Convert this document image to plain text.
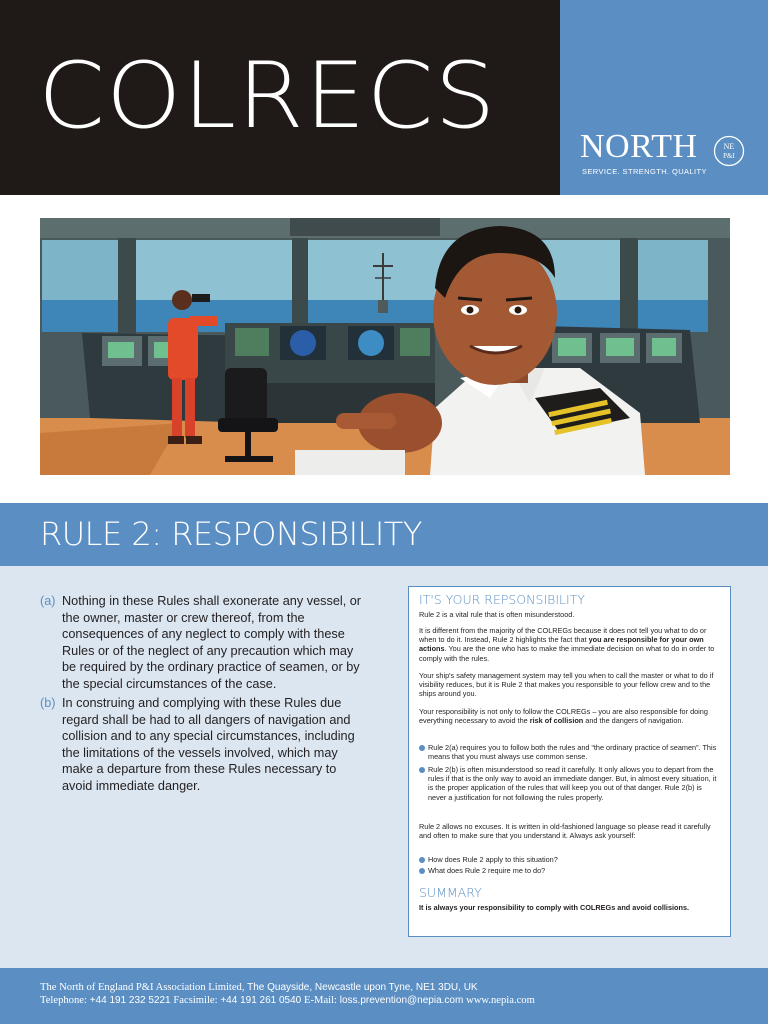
COLRECS NORTH
SERVICE. STRENGTH. QUALITY
NE
P&I
RULE 2: RESPONSIBILITY
(a) Nothing in these Rules shall exonerate any vessel, or the owner, master or crew thereof, from the consequences of any neglect to comply with these Rules or of the neglect of any precaution which may be required by the ordinary practice of seamen, or by the special circumstances of the case.
(b) In construing and complying with these Rules due regard shall be had to all dangers of navigation and collision and to any special circumstances, including the limitations of the vessels involved, which may make a departure from these Rules necessary to avoid immediate danger.
IT'S YOUR REPSONSIBILITY
Rule 2 is a vital rule that is often misunderstood.
It is different from the majority of the COLREGs because it does not tell you what to do or when to do it. Instead, Rule 2 highlights the fact that you are responsible for your own actions. You are the one who has to make the immediate decision on what to do in order to comply with the rules.
Your ship's safety management system may tell you when to call the master or what to do if visibility reduces, but it is Rule 2 that makes you responsible to your fellow crew and to the ships around you.
Your responsibility is not only to follow the COLREGs – you are also responsible for doing everything necessary to avoid the risk of collision and the dangers of navigation.
Rule 2(a) requires you to follow both the rules and “the ordinary practice of seamen”. This means that you must always use common sense.
Rule 2(b) is often misunderstood so read it carefully. It only allows you to depart from the rules if that is the only way to avoid an immediate danger. But, in almost every situation, it is the proper application of the rules that will keep you out of that danger. Rule 2(b) is never a justification for not following the rules properly.
Rule 2 allows no excuses. It is written in old-fashioned language so please read it carefully and often to make sure that you understand it. Always ask yourself:
How does Rule 2 apply to this situation?
What does Rule 2 require me to do?
SUMMARY
It is always your responsibility to comply with COLREGs and avoid collisions.
The North of England P&I Association Limited, The Quayside, Newcastle upon Tyne, NE1 3DU, UK
Telephone: +44 191 232 5221 Facsimile: +44 191 261 0540 E-Mail: loss.prevention@nepia.com www.nepia.com
